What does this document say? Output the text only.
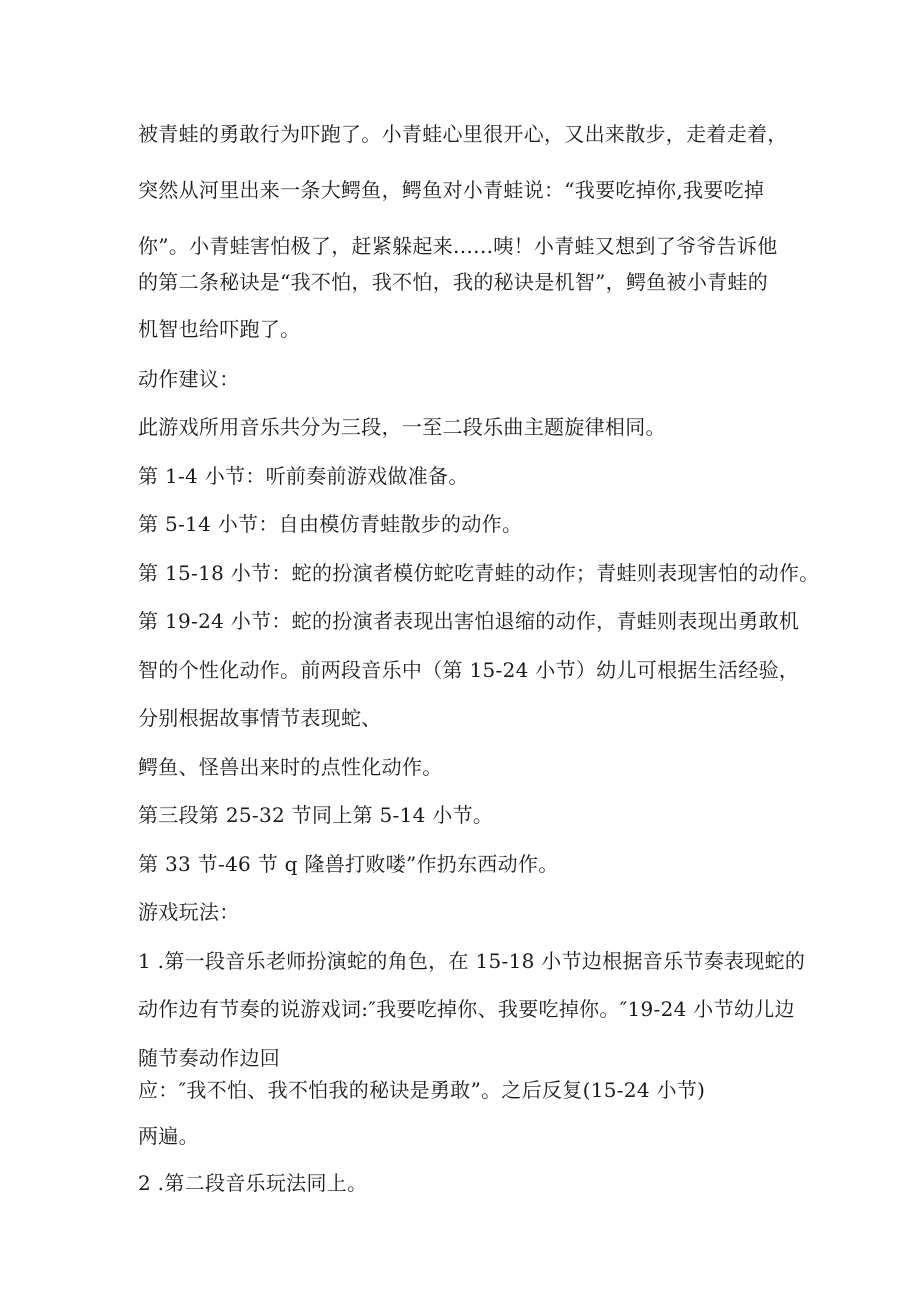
被青蛙的勇敢行为吓跑了。小青蛙心里很开心，又出来散步，走着走着，
突然从河里出来一条大鳄鱼，鳄鱼对小青蛙说：“我要吃掉你,我要吃掉
你”。小青蛙害怕极了，赶紧躲起来.…..咦！小青蛙又想到了爷爷告诉他
的第二条秘诀是“我不怕，我不怕，我的秘诀是机智”，鳄鱼被小青蛙的
机智也给吓跑了。
动作建议：
此游戏所用音乐共分为三段，一至二段乐曲主题旋律相同。
第 1-4 小节：听前奏前游戏做准备。
第 5-14 小节：自由模仿青蛙散步的动作。
第 15-18 小节：蛇的扮演者模仿蛇吃青蛙的动作；青蛙则表现害怕的动作。
第 19-24 小节：蛇的扮演者表现出害怕退缩的动作，青蛙则表现出勇敢机
智的个性化动作。前两段音乐中（第 15-24 小节）幼儿可根据生活经验，
分别根据故事情节表现蛇、
鳄鱼、怪兽出来时的点性化动作。
第三段第 25-32 节同上第 5-14 小节。
第 33 节-46 节 q 隆兽打败喽”作扔东西动作。
游戏玩法：
1 .第一段音乐老师扮演蛇的角色，在 15-18 小节边根据音乐节奏表现蛇的
动作边有节奏的说游戏词:″我要吃掉你、我要吃掉你。″19-24 小节幼儿边
随节奏动作边回
应：″我不怕、我不怕我的秘诀是勇敢”。之后反复(15-24 小节)
两遍。
2 .第二段音乐玩法同上。
